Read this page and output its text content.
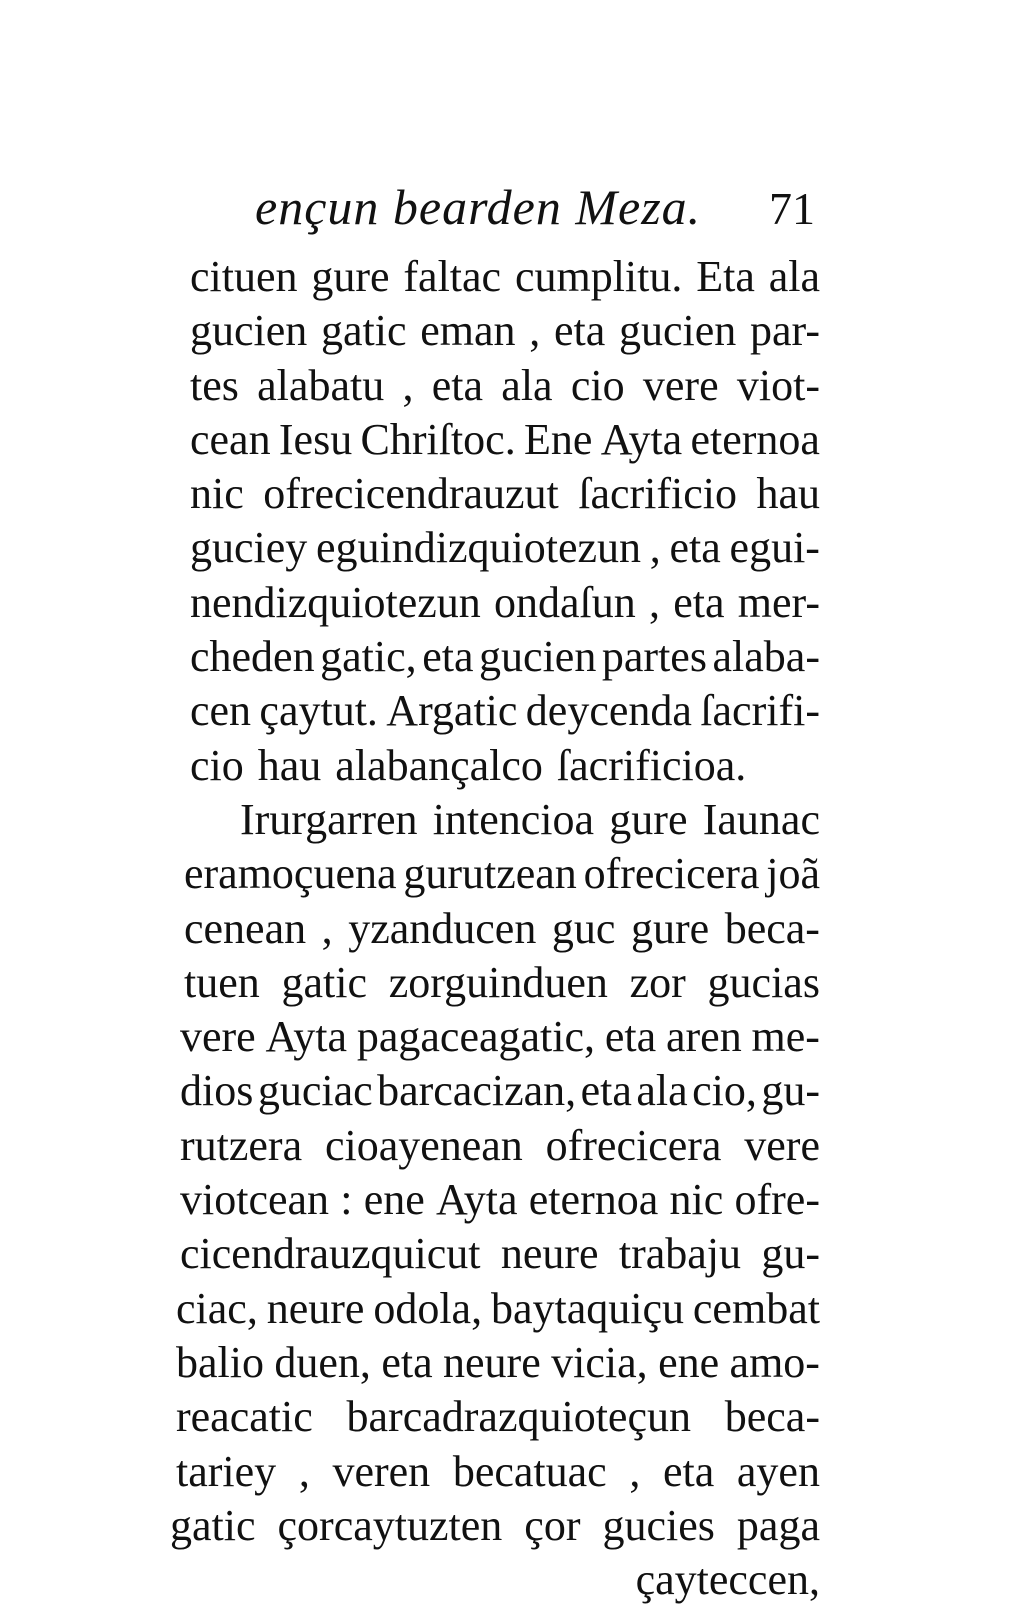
ençun bearden Meza. 71
cituen gure faltac cumplitu. Eta ala
gucien gatic eman , eta gucien par-
tes alabatu , eta ala cio vere viot-
cean Iesu Chriſtoc. Ene Ayta eternoa
nic ofrecicendrauzut ſacrificio hau
guciey eguindizquiotezun , eta egui-
nendizquiotezun ondaſun , eta mer-
cheden gatic, eta gucien partes alaba-
cen çaytut. Argatic deycenda ſacrifi-
cio hau alabançalco ſacrificioa.
Irurgarren intencioa gure Iaunac
eramoçuena gurutzean ofrecicera joã
cenean , yzanducen guc gure beca-
tuen gatic zorguinduen zor gucias
vere Ayta pagaceagatic, eta aren me-
dios guciac barcacizan, eta ala cio, gu-
rutzera cioayenean ofrecicera vere
viotcean : ene Ayta eternoa nic ofre-
cicendrauzquicut neure trabaju gu-
ciac, neure odola, baytaquiçu cembat
balio duen, eta neure vicia, ene amo-
reacatic barcadrazquioteçun beca-
tariey , veren becatuac , eta ayen
gatic çorcaytuzten çor gucies paga
çayteccen,
